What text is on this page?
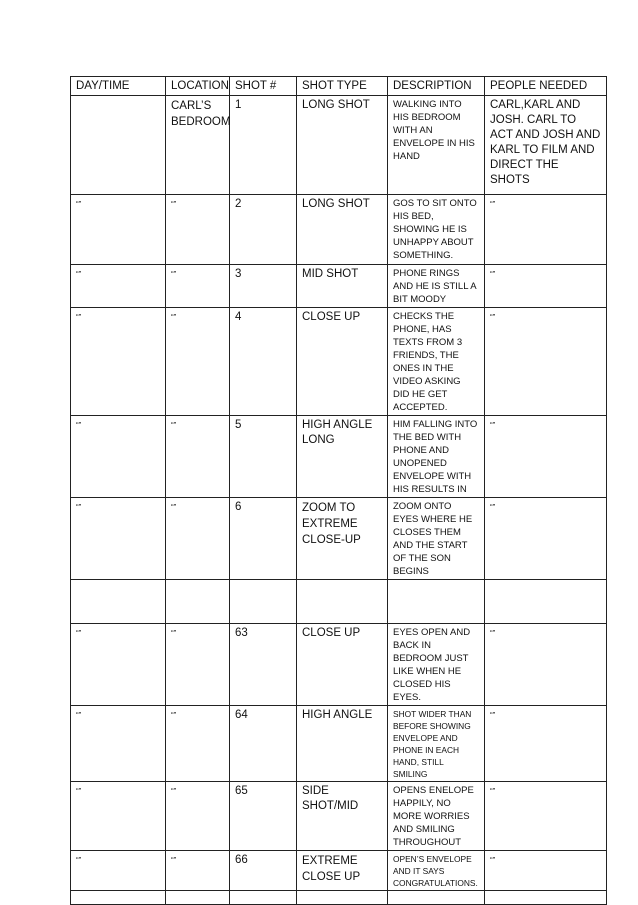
DAY/TIME	LOCATION	SHOT #	SHOT TYPE	DESCRIPTION	PEOPLE NEEDED
	CARL’S BEDROOM	1	LONG SHOT	WALKING INTO HIS BEDROOM WITH AN ENVELOPE IN HIS HAND	CARL,KARL AND JOSH. CARL TO ACT AND JOSH AND KARL TO FILM AND DIRECT THE SHOTS
“”	“”	2	LONG SHOT	GOS TO SIT ONTO HIS BED, SHOWING HE IS UNHAPPY ABOUT SOMETHING.	“”
“”	“”	3	MID SHOT	PHONE RINGS AND HE IS STILL A BIT MOODY	“”
“”	“”	4	CLOSE UP	CHECKS THE PHONE, HAS TEXTS FROM 3 FRIENDS, THE ONES IN THE VIDEO ASKING DID HE GET ACCEPTED.	“”
“”	“”	5	HIGH ANGLE LONG	HIM FALLING INTO THE BED WITH PHONE AND UNOPENED ENVELOPE WITH HIS RESULTS IN	“”
“”	“”	6	ZOOM TO EXTREME CLOSE-UP	ZOOM ONTO EYES WHERE HE CLOSES THEM AND THE START OF THE SON BEGINS	“”

“”	“”	63	CLOSE UP	EYES OPEN AND BACK IN BEDROOM JUST LIKE WHEN HE CLOSED HIS EYES.	“”
“”	“”	64	HIGH ANGLE	SHOT WIDER THAN BEFORE SHOWING ENVELOPE AND PHONE IN EACH HAND, STILL SMILING	“”
“”	“”	65	SIDE SHOT/MID	OPENS ENELOPE HAPPILY, NO MORE WORRIES AND SMILING THROUGHOUT	“”
“”	“”	66	EXTREME CLOSE UP	OPEN’S ENVELOPE AND IT SAYS CONGRATULATIONS.	“”
